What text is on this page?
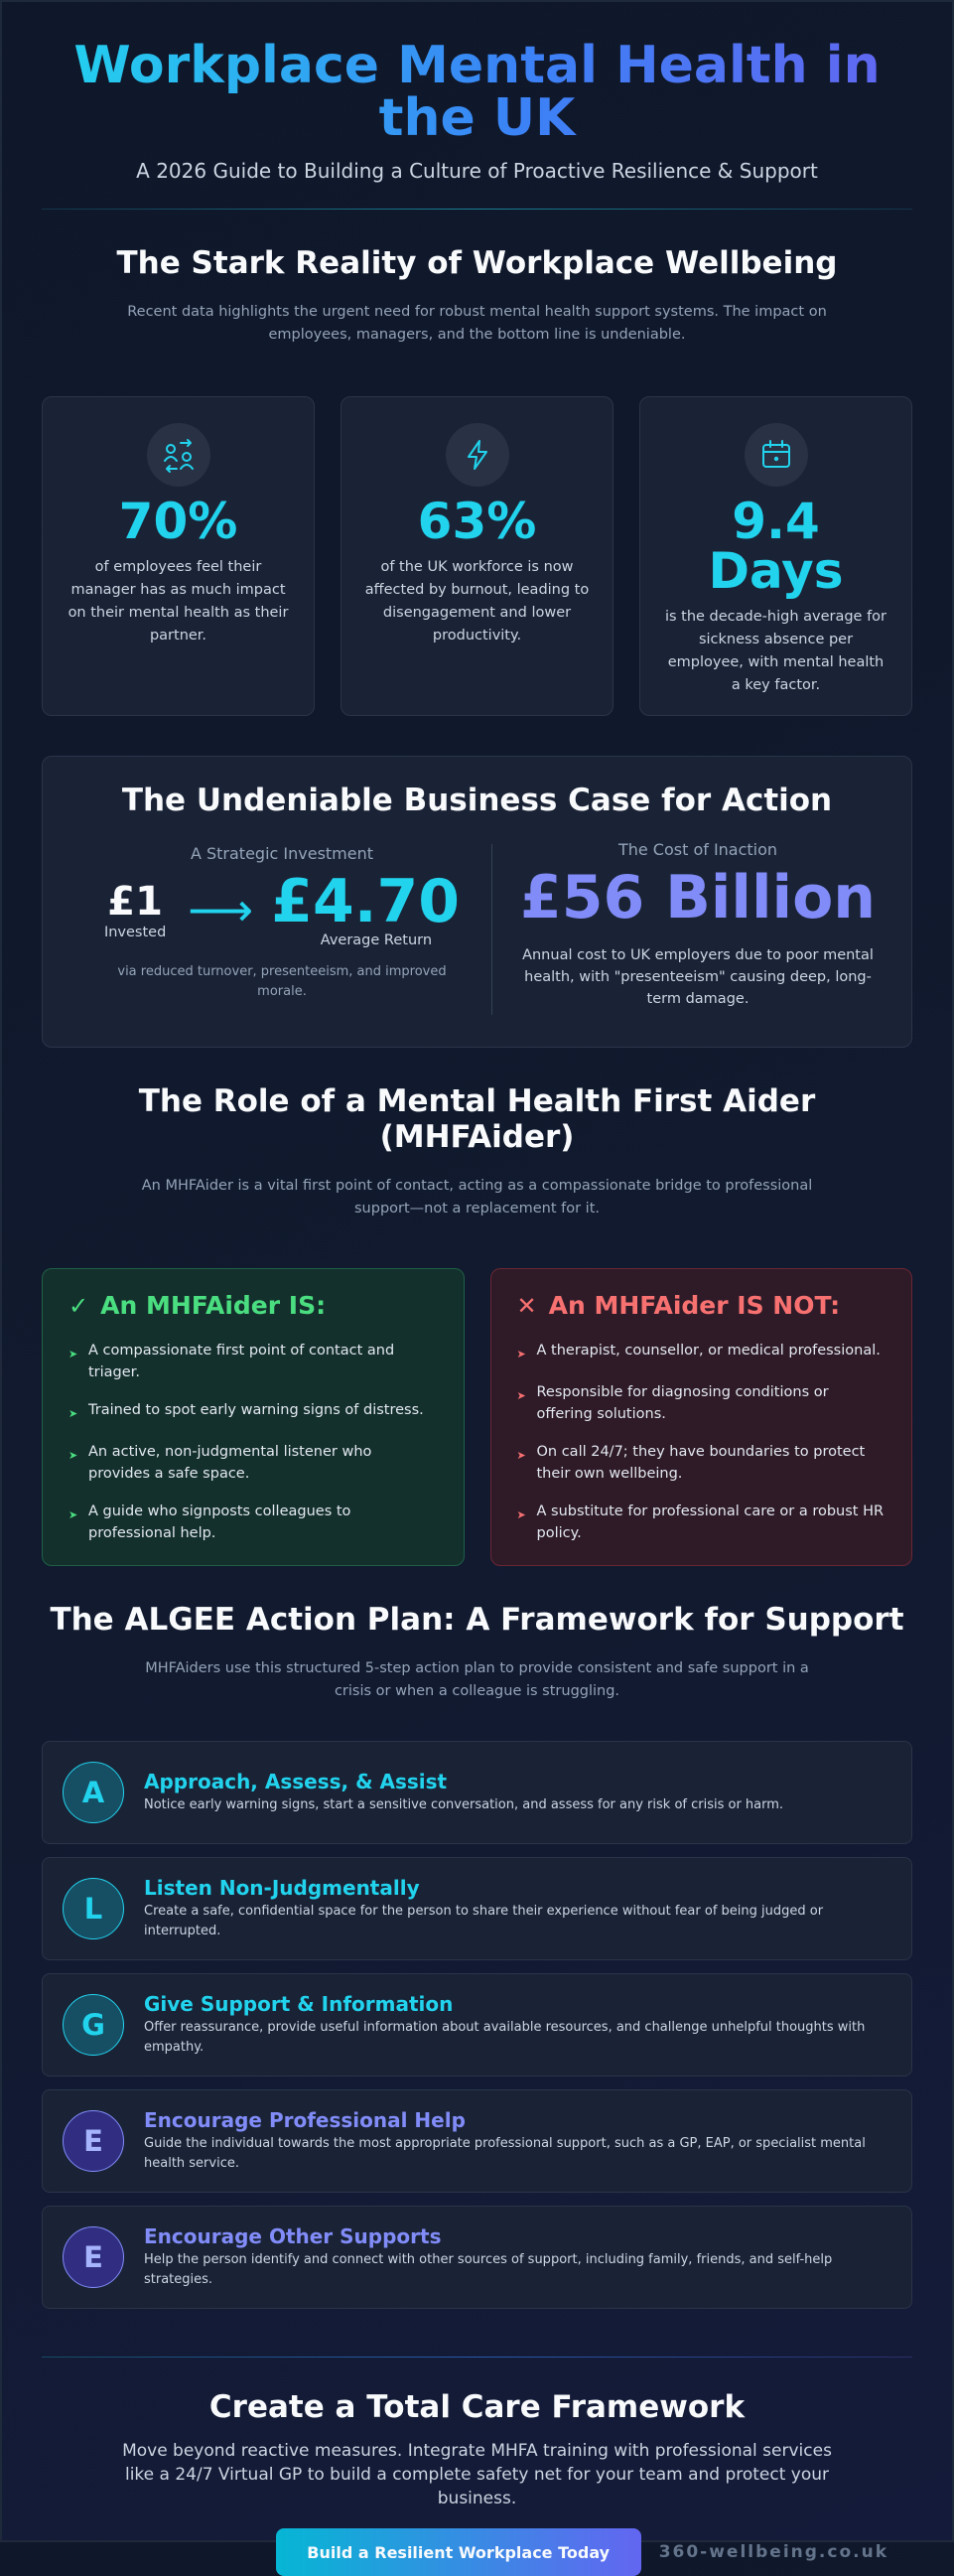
Workplace Mental Health in the UK

A 2026 Guide to Building a Culture of Proactive Resilience & Support

The Stark Reality of Workplace Wellbeing

Recent data highlights the urgent need for robust mental health support systems. The impact on employees, managers, and the bottom line is undeniable.

70%

of employees feel their manager has as much impact on their mental health as their partner.

63%

of the UK workforce is now affected by burnout, leading to disengagement and lower productivity.

9.4 Days

is the decade-high average for sickness absence per employee, with mental health a key factor.

The Undeniable Business Case for Action
A Strategic Investment
£1
Invested ⟶ £4.70
Average Return

via reduced turnover, presenteeism, and improved morale.

The Cost of Inaction
£56 Billion

Annual cost to UK employers due to poor mental health, with "presenteeism" causing deep, long-term damage.

The Role of a Mental Health First Aider (MHFAider)

An MHFAider is a vital first point of contact, acting as a compassionate bridge to professional support—not a replacement for it.

✓ An MHFAider IS:
➤ A compassionate first point of contact and triager.
➤ Trained to spot early warning signs of distress.
➤ An active, non-judgmental listener who provides a safe space.
➤ A guide who signposts colleagues to professional help.
✕ An MHFAider IS NOT:
➤ A therapist, counsellor, or medical professional.
➤ Responsible for diagnosing conditions or offering solutions.
➤ On call 24/7; they have boundaries to protect their own wellbeing.
➤ A substitute for professional care or a robust HR policy.
The ALGEE Action Plan: A Framework for Support

MHFAiders use this structured 5-step action plan to provide consistent and safe support in a crisis or when a colleague is struggling.

A	Approach, Assess, & Assist
Notice early warning signs, start a sensitive conversation, and assess for any risk of crisis or harm.
L
Listen Non-Judgmentally
Create a safe, confidential space for the person to share their experience without fear of being judged or interrupted.
G
Give Support & Information
Offer reassurance, provide useful information about available resources, and challenge unhelpful thoughts with empathy.
E
Encourage Professional Help
Guide the individual towards the most appropriate professional support, such as a GP, EAP, or specialist mental health service.
E
Encourage Other Supports
Help the person identify and connect with other sources of support, including family, friends, and self-help strategies.
Create a Total Care Framework

Move beyond reactive measures. Integrate MHFA training with professional services like a 24/7 Virtual GP to build a complete safety net for your team and protect your business.

Build a Resilient Workplace Today	360-wellbeing.co.uk
